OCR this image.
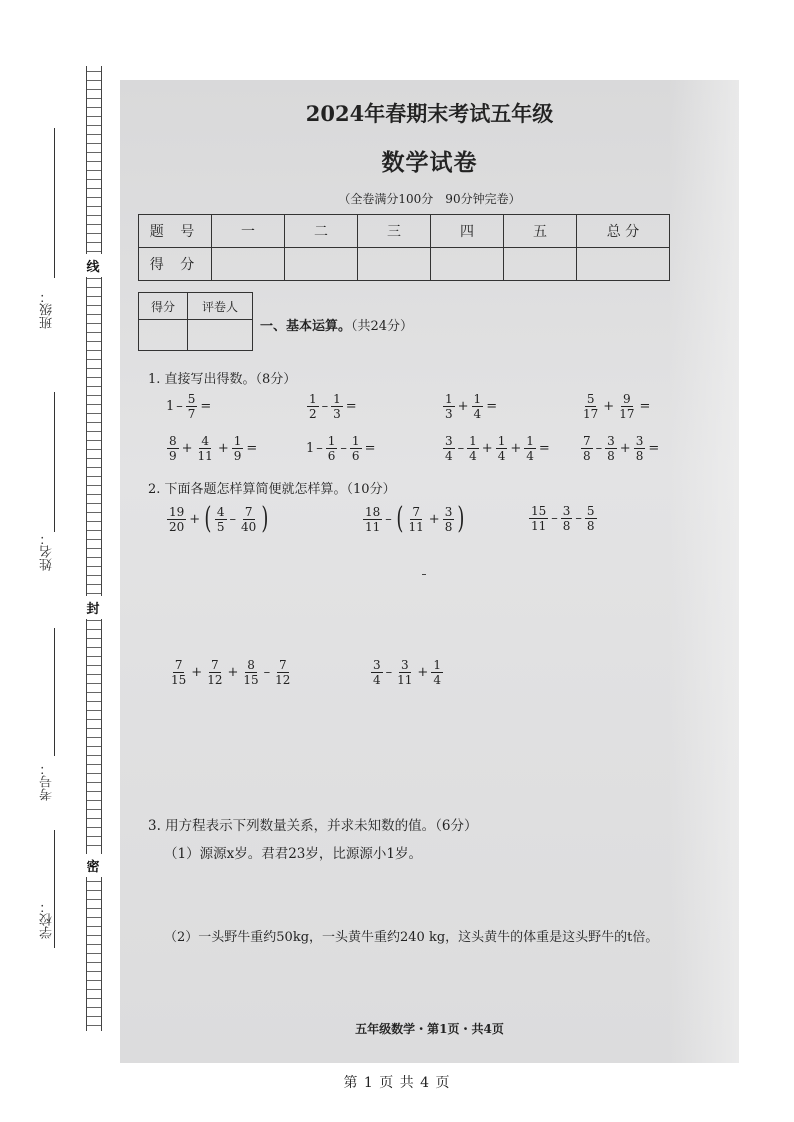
班级：
姓名：
考号：
学校：
线
封
密
2024年春期末考试五年级
数学试卷
（全卷满分100分　90分钟完卷）
题 号	一	二	三	四	五	总 分
得 分						
得分	评卷人

一、基本运算。（共24分）
1. 直接写出得数。（8分）
$1 - \frac{5}{7}$ =	$\frac{1}{2} - \frac{1}{3}$ =	$\frac{1}{3} + \frac{1}{4}$ =	$\frac{5}{17} + \frac{9}{17}$ =
$\frac{8}{9} + \frac{4}{11} + \frac{1}{9}$ =	$1 - \frac{1}{6} - \frac{1}{6}$ =	$\frac{3}{4} - \frac{1}{4} + \frac{1}{4} + \frac{1}{4}$ =	$\frac{7}{8} - \frac{3}{8} + \frac{3}{8}$ =
2. 下面各题怎样算简便就怎样算。（10分）
$\frac{19}{20}$ + ( $\frac{4}{5} - \frac{7}{40}$ )	$\frac{18}{11}$ – ( $\frac{7}{11} + \frac{3}{8}$ )	$\frac{15}{11} - \frac{3}{8} - \frac{5}{8}$
$\frac{7}{15} + \frac{7}{12} + \frac{8}{15} - \frac{7}{12}$	$\frac{3}{4} - \frac{3}{11} + \frac{1}{4}$
3. 用方程表示下列数量关系，并求未知数的值。（6分）
（1）源源x岁。君君23岁，比源源小1岁。
（2）一头野牛重约50kg，一头黄牛重约240 kg，这头黄牛的体重是这头野牛的t倍。
五年级数学・第1页・共4页
第 1 页 共 4 页
